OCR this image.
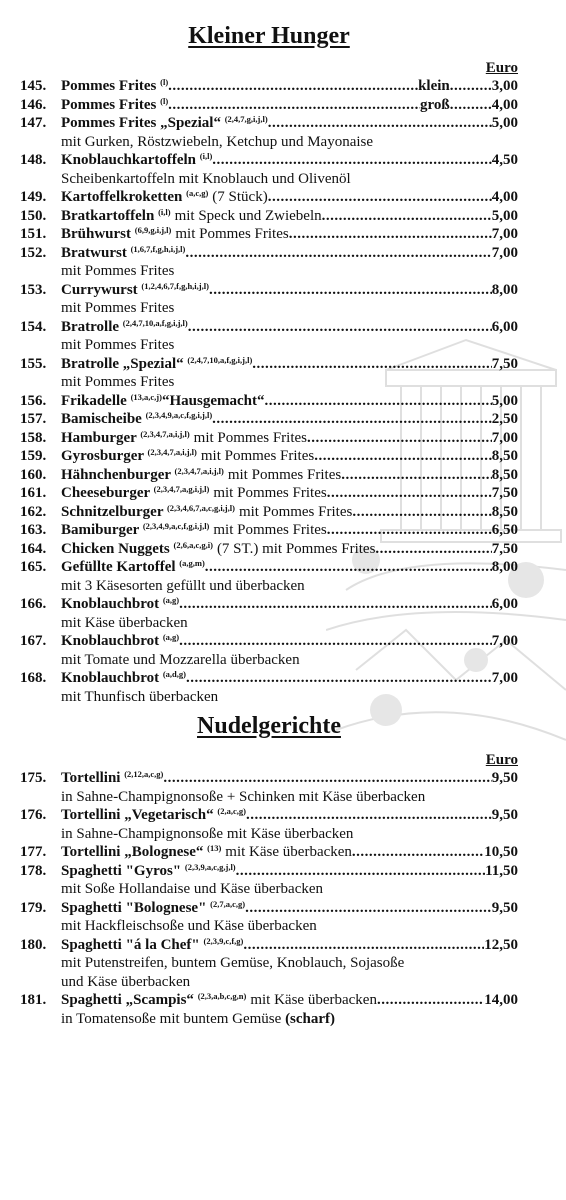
Kleiner Hunger
Euro
145. Pommes Frites $^{(l)}$ .....	klein .....	3,00
146. Pommes Frites $^{(l)}$ .....	groß .....	4,00
147. Pommes Frites „Spezial“ $^{(2,4,7,g,i,j,l)}$ .....	5,00
mit Gurken, Röstzwiebeln, Ketchup und Mayonaise
148. Knoblauchkartoffeln $^{(i,l)}$ .....	4,50
Scheibenkartoffeln mit Knoblauch und Olivenöl
149. Kartoffelkroketten $^{(a,c,g)}$ (7 Stück) .....	4,00
150. Bratkartoffeln $^{(i,l)}$ mit Speck und Zwiebeln .....	5,00
151. Brühwurst $^{(6,9,g,i,j,l)}$ mit Pommes Frites .....	7,00
152. Bratwurst $^{(1,6,7,f,g,h,i,j,l)}$ .....	7,00
mit Pommes Frites
153. Currywurst $^{(1,2,4,6,7,f,g,h,i,j,l)}$ .....	8,00
mit Pommes Frites
154. Bratrolle $^{(2,4,7,10,a,f,g,i,j,l)}$ .....	6,00
mit Pommes Frites
155. Bratrolle „Spezial“ $^{(2,4,7,10,a,f,g,i,j,l)}$ .....	7,50
mit Pommes Frites
156. Frikadelle $^{(13,a,c,j)}$ “Hausgemacht“ .....	5,00
157. Bamischeibe $^{(2,3,4,9,a,c,f,g,i,j,l)}$ .....	2,50
158. Hamburger $^{(2,3,4,7,a,i,j,l)}$ mit Pommes Frites .....	7,00
159. Gyrosburger $^{(2,3,4,7,a,i,j,l)}$ mit Pommes Frites .....	8,50
160. Hähnchenburger $^{(2,3,4,7,a,i,j,l)}$ mit Pommes Frites .....	8,50
161. Cheeseburger $^{(2,3,4,7,a,g,i,j,l)}$ mit Pommes Frites .....	7,50
162. Schnitzelburger $^{(2,3,4,6,7,a,c,g,i,j,l)}$ mit Pommes Frites .....	8,50
163. Bamiburger $^{(2,3,4,9,a,c,f,g,i,j,l)}$ mit Pommes Frites .....	6,50
164. Chicken Nuggets $^{(2,6,a,c,g,i)}$ (7 ST.) mit Pommes Frites .....	7,50
165. Gefüllte Kartoffel $^{(a,g,m)}$ .....	8,00
mit 3 Käsesorten gefüllt und überbacken
166. Knoblauchbrot $^{(a,g)}$ .....	6,00
mit Käse überbacken
167. Knoblauchbrot $^{(a,g)}$ .....	7,00
mit Tomate und Mozzarella überbacken
168. Knoblauchbrot $^{(a,d,g)}$ .....	7,00
mit Thunfisch überbacken
Nudelgerichte
Euro
175. Tortellini $^{(2,12,a,c,g)}$ .....	9,50
in Sahne-Champignonsoße + Schinken mit Käse überbacken
176. Tortellini „Vegetarisch“ $^{(2,a,c,g)}$ .....	9,50
in Sahne-Champignonsoße mit Käse überbacken
177. Tortellini „Bolognese“ $^{(13)}$ mit Käse überbacken .....	10,50
178. Spaghetti "Gyros" $^{(2,3,9,a,c,g,j,l)}$ .....	11,50
mit Soße Hollandaise und Käse überbacken
179. Spaghetti "Bolognese" $^{(2,7,a,c,g)}$ .....	9,50
mit Hackfleischsoße und Käse überbacken
180. Spaghetti "á la Chef" $^{(2,3,9,c,f,g)}$ .....	12,50
mit Putenstreifen, buntem Gemüse, Knoblauch, Sojasoße
und Käse überbacken
181. Spaghetti „Scampis“ $^{(2,3,a,b,c,g,n)}$ mit Käse überbacken .....	14,00
in Tomatensoße mit buntem Gemüse (scharf)
